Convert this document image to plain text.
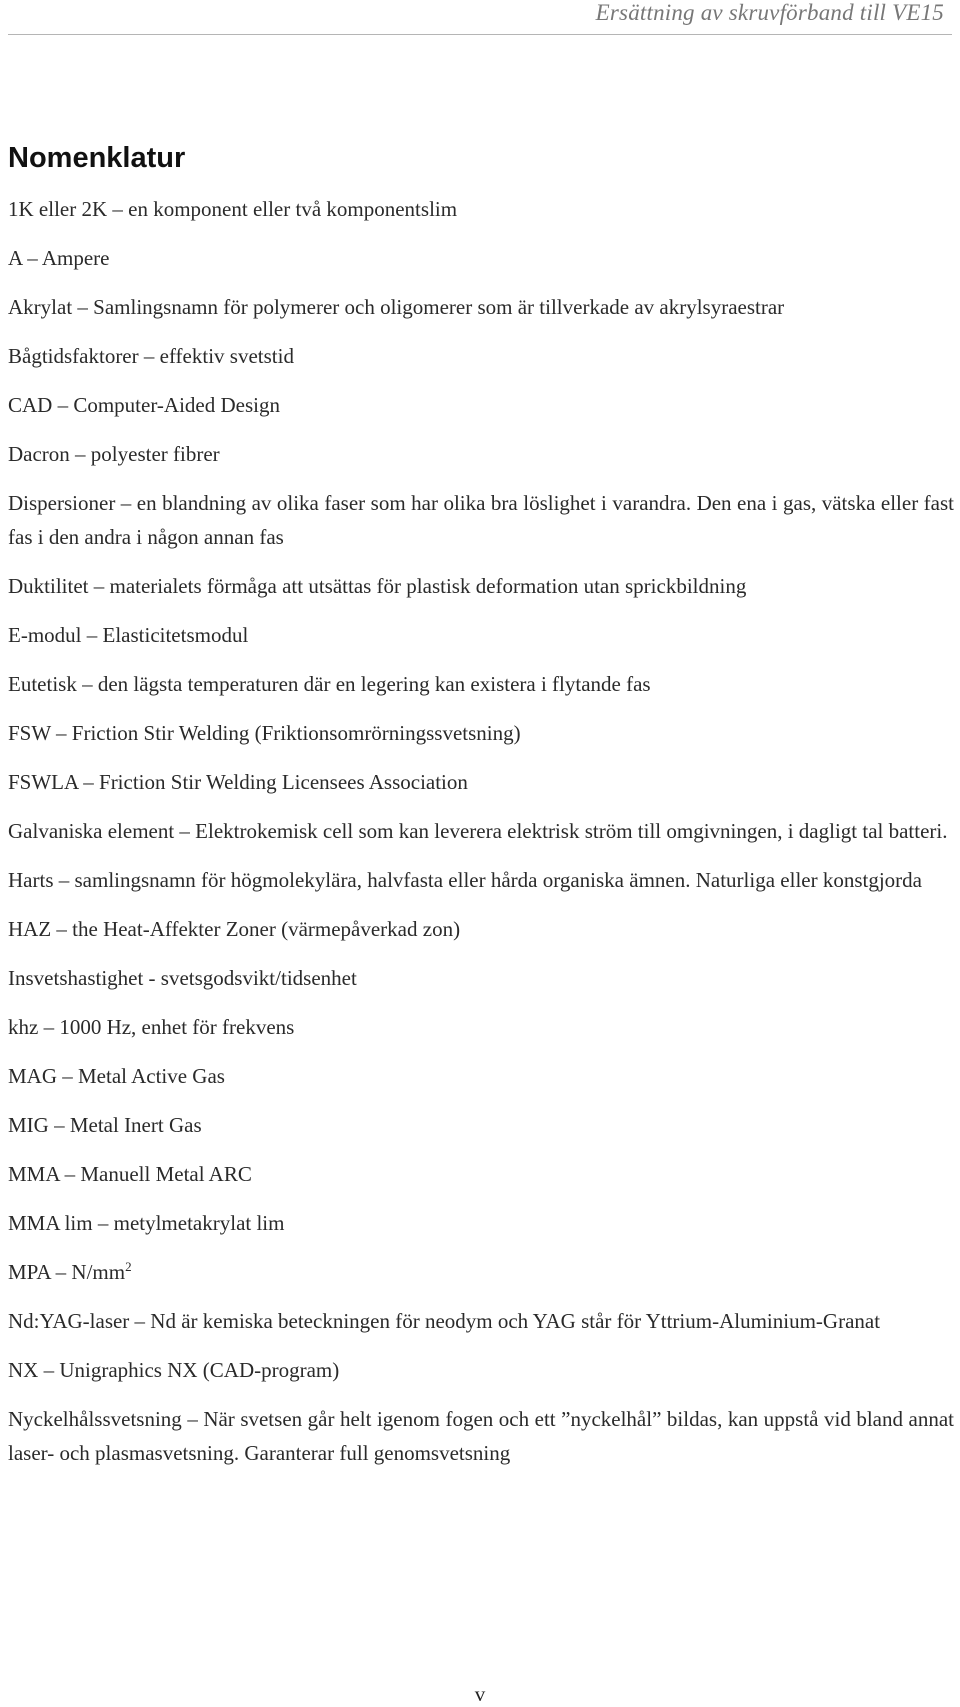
Ersättning av skruvförband till VE15
Nomenklatur
1K eller 2K – en komponent eller två komponentslim
A – Ampere
Akrylat – Samlingsnamn för polymerer och oligomerer som är tillverkade av akrylsyraestrar
Bågtidsfaktorer – effektiv svetstid
CAD – Computer-Aided Design
Dacron – polyester fibrer
Dispersioner – en blandning av olika faser som har olika bra löslighet i varandra. Den ena i gas, vätska eller fast fas i den andra i någon annan fas
Duktilitet – materialets förmåga att utsättas för plastisk deformation utan sprickbildning
E-modul – Elasticitetsmodul
Eutetisk – den lägsta temperaturen där en legering kan existera i flytande fas
FSW – Friction Stir Welding (Friktionsomrörningssvetsning)
FSWLA – Friction Stir Welding Licensees Association
Galvaniska element – Elektrokemisk cell som kan leverera elektrisk ström till omgivningen, i dagligt tal batteri.
Harts – samlingsnamn för högmolekylära, halvfasta eller hårda organiska ämnen. Naturliga eller konstgjorda
HAZ – the Heat-Affekter Zoner (värmepåverkad zon)
Insvetshastighet - svetsgodsvikt/tidsenhet
khz – 1000 Hz, enhet för frekvens
MAG – Metal Active Gas
MIG – Metal Inert Gas
MMA – Manuell Metal ARC
MMA lim – metylmetakrylat lim
MPA – $N/mm^2$
Nd:YAG-laser – Nd är kemiska beteckningen för neodym och YAG står för Yttrium-Aluminium-Granat
NX – Unigraphics NX (CAD-program)
Nyckelhålssvetsning – När svetsen går helt igenom fogen och ett ”nyckelhål” bildas, kan uppstå vid bland annat laser- och plasmasvetsning. Garanterar full genomsvetsning
v
